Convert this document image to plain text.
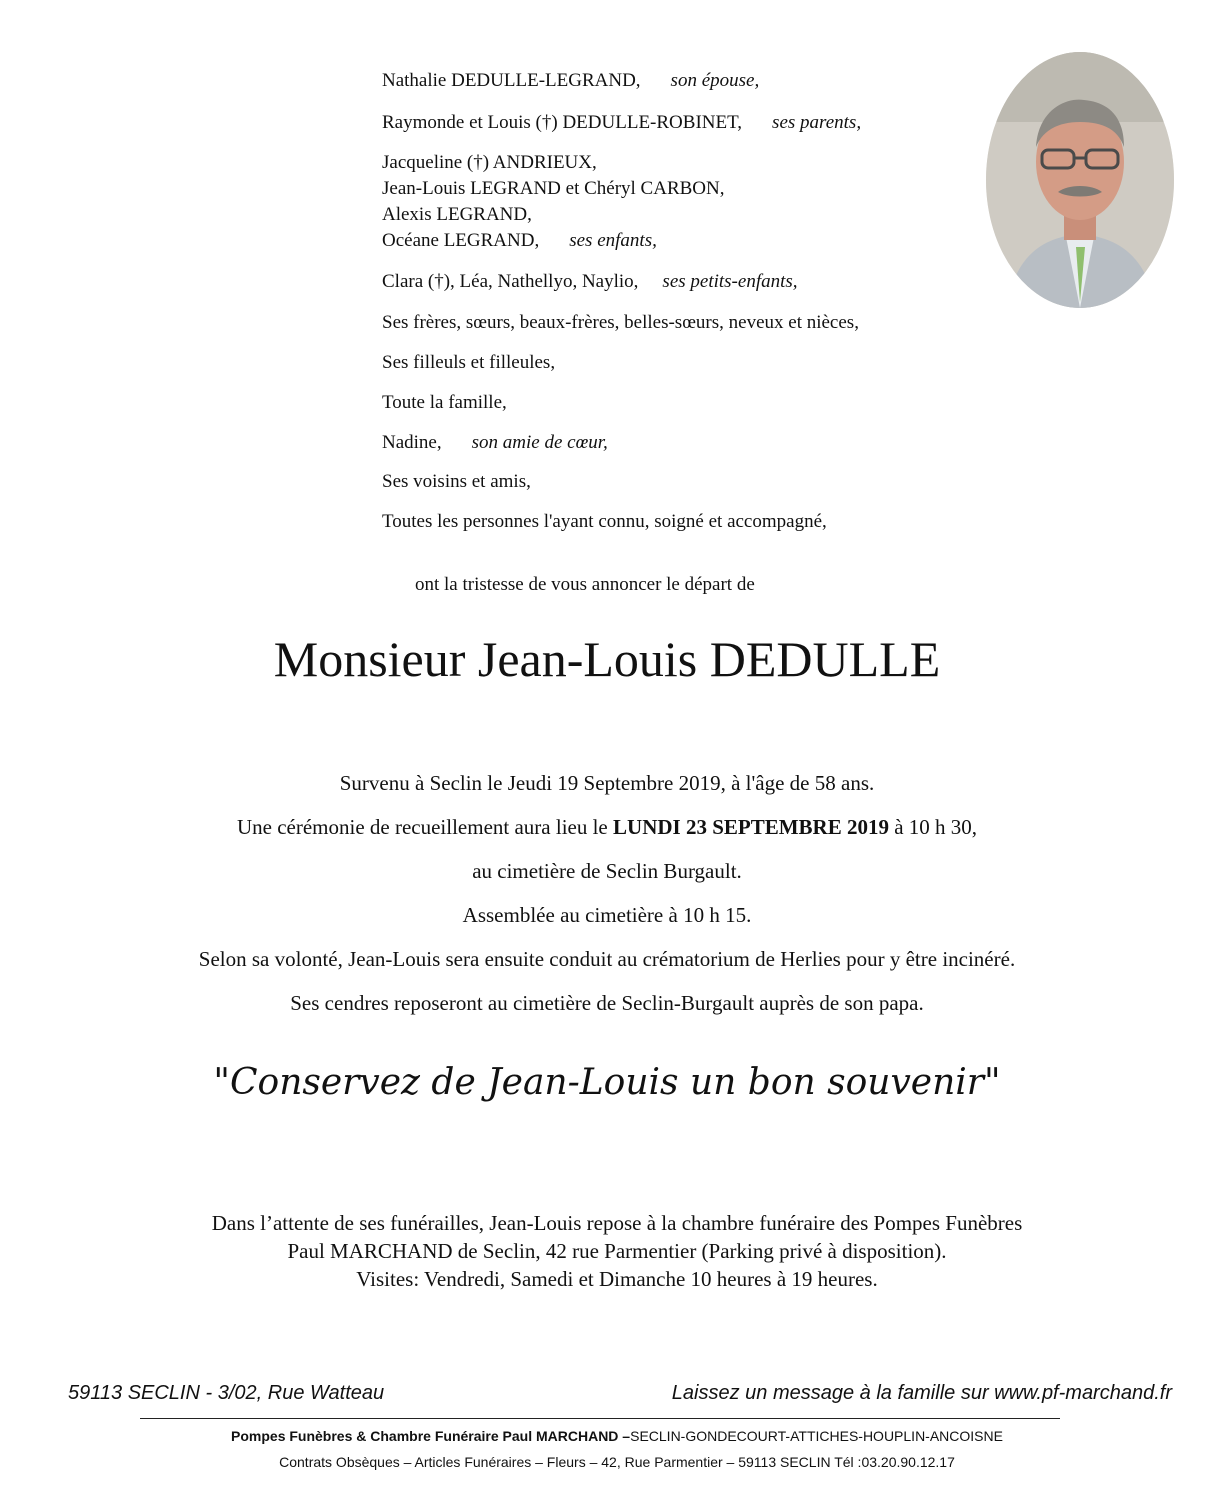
Nathalie DEDULLE-LEGRAND, son épouse,
Raymonde et Louis (†) DEDULLE-ROBINET, ses parents,
Jacqueline (†) ANDRIEUX,
Jean-Louis LEGRAND et Chéryl CARBON,
Alexis LEGRAND,
Océane LEGRAND, ses enfants,
Clara (†), Léa, Nathellyo, Naylio, ses petits-enfants,
Ses frères, sœurs, beaux-frères, belles-sœurs, neveux et nièces,
Ses filleuls et filleules,
Toute la famille,
Nadine, son amie de cœur,
Ses voisins et amis,
Toutes les personnes l'ayant connu, soigné et accompagné,
ont la tristesse de vous annoncer le départ de
Monsieur Jean-Louis DEDULLE

Survenu à Seclin le Jeudi 19 Septembre 2019, à l'âge de 58 ans.

Une cérémonie de recueillement aura lieu le LUNDI 23 SEPTEMBRE 2019 à 10 h 30,

au cimetière de Seclin Burgault.

Assemblée au cimetière à 10 h 15.

Selon sa volonté, Jean-Louis sera ensuite conduit au crématorium de Herlies pour y être incinéré.

Ses cendres reposeront au cimetière de Seclin-Burgault auprès de son papa.

"Conservez de Jean-Louis un bon souvenir"
Dans l’attente de ses funérailles, Jean-Louis repose à la chambre funéraire des Pompes Funèbres
Paul MARCHAND de Seclin, 42 rue Parmentier (Parking privé à disposition).
Visites: Vendredi, Samedi et Dimanche 10 heures à 19 heures.
59113 SECLIN - 3/02, Rue Watteau	Laissez un message à la famille sur www.pf-marchand.fr
Pompes Funèbres & Chambre Funéraire Paul MARCHAND –SECLIN-GONDECOURT-ATTICHES-HOUPLIN-ANCOISNE
Contrats Obsèques – Articles Funéraires – Fleurs – 42, Rue Parmentier – 59113 SECLIN Tél :03.20.90.12.17
